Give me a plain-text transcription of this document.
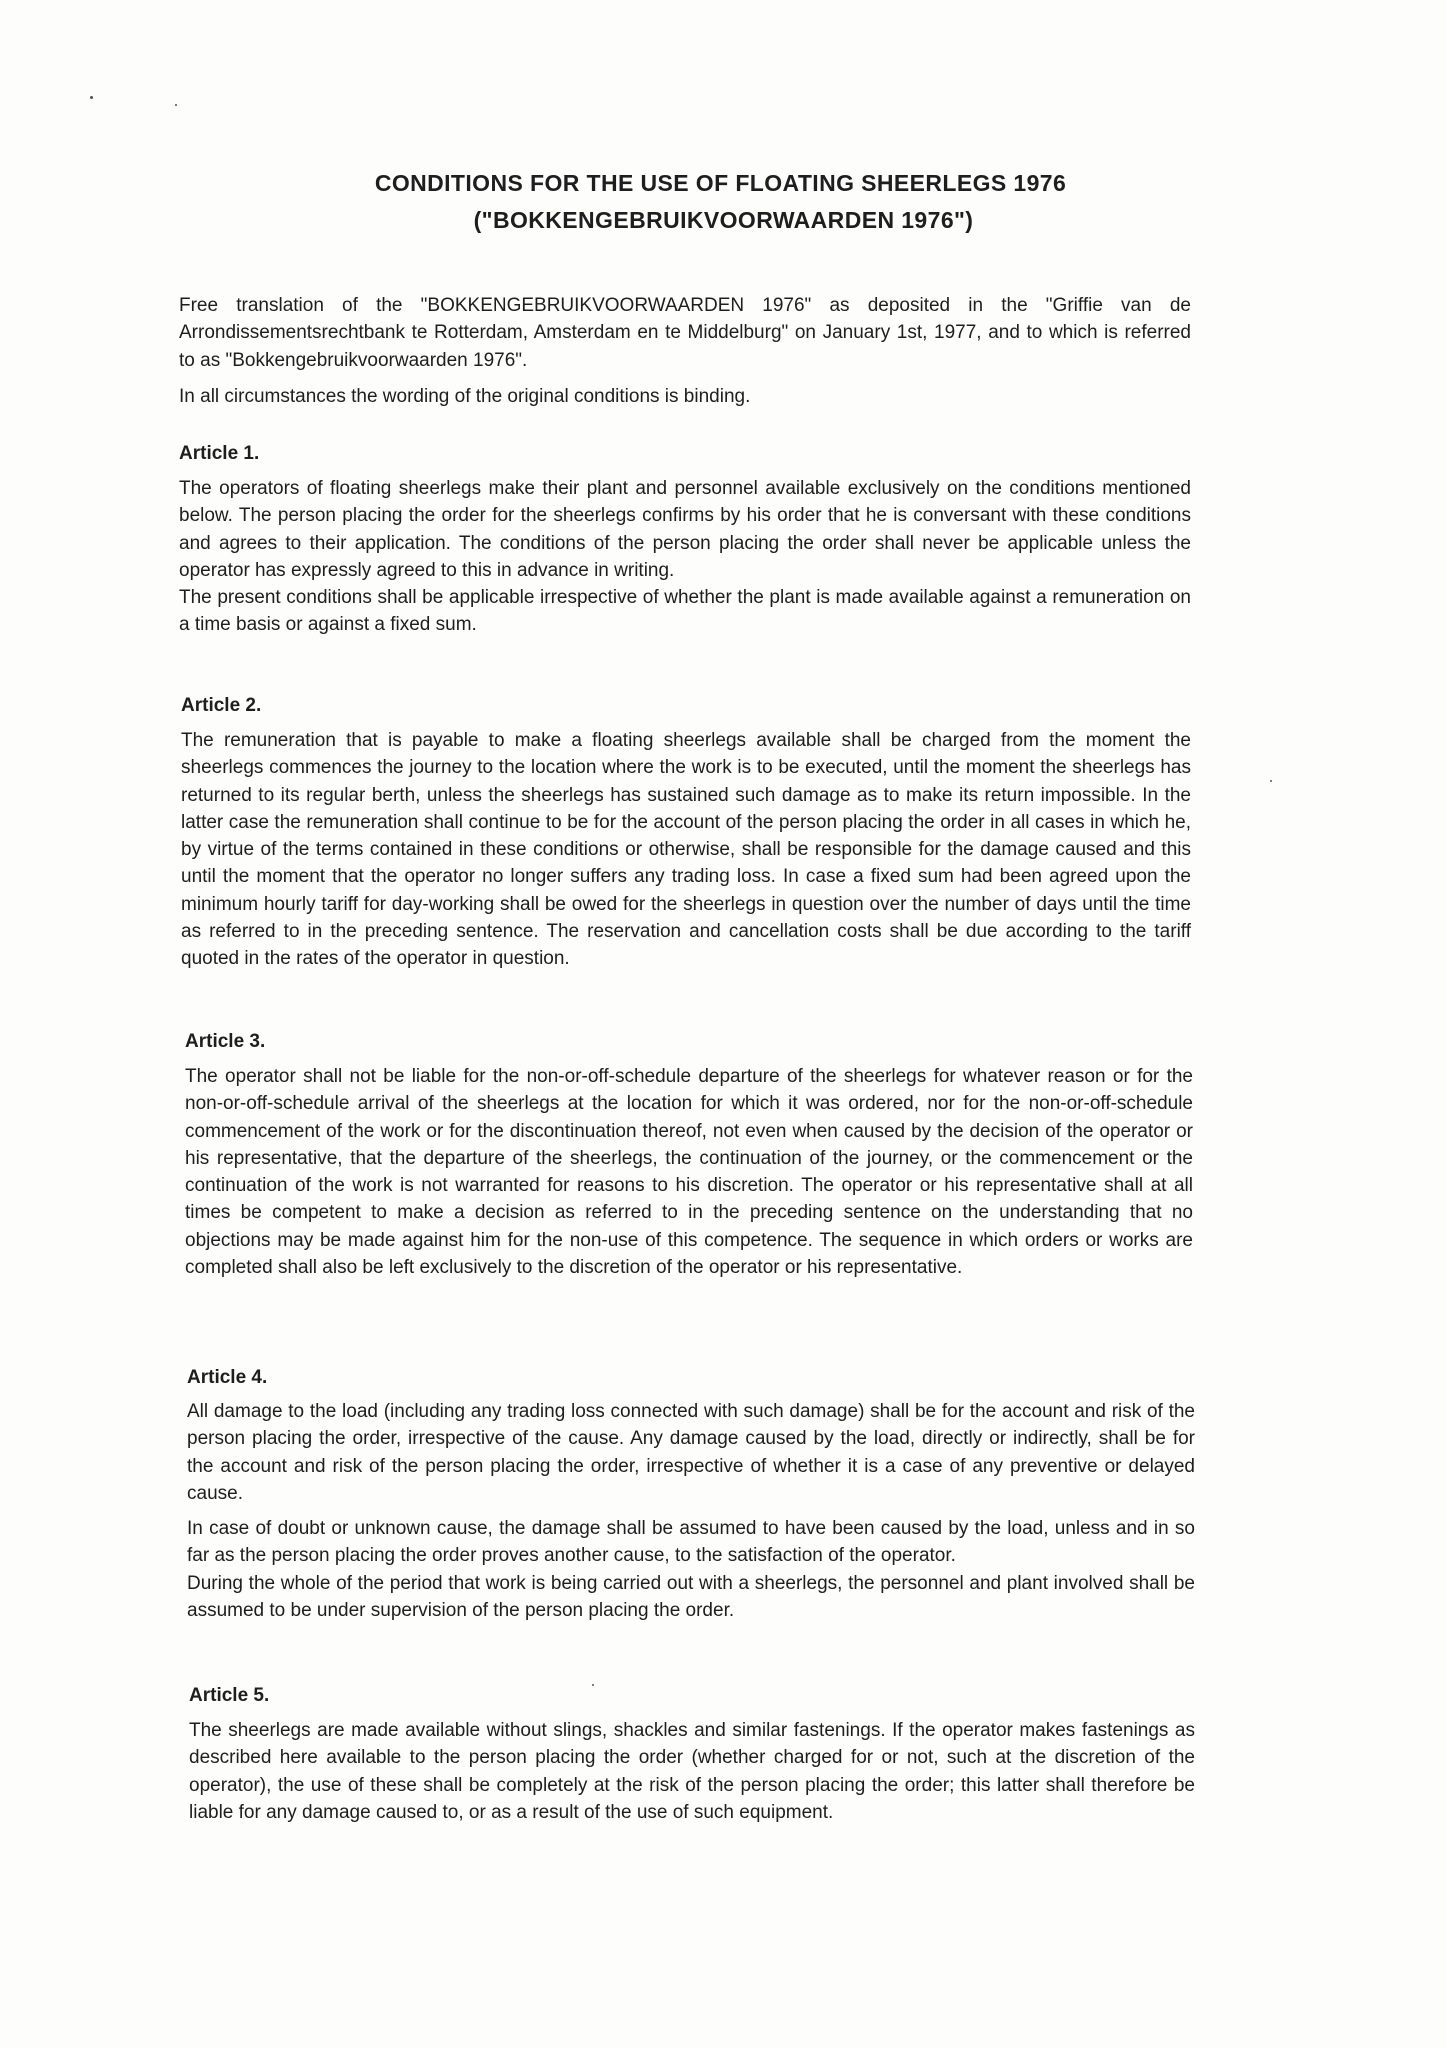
CONDITIONS FOR THE USE OF FLOATING SHEERLEGS 1976
("BOKKENGEBRUIKVOORWAARDEN 1976")

Free translation of the "BOKKENGEBRUIKVOORWAARDEN 1976" as deposited in the "Griffie van de Arrondissementsrechtbank te Rotterdam, Amsterdam en te Middelburg" on January 1st, 1977, and to which is referred to as "Bokkengebruikvoorwaarden 1976".

In all circumstances the wording of the original conditions is binding.

Article 1.

The operators of floating sheerlegs make their plant and personnel available exclusively on the conditions mentioned below. The person placing the order for the sheerlegs confirms by his order that he is conversant with these conditions and agrees to their application. The conditions of the person placing the order shall never be applicable unless the operator has expressly agreed to this in advance in writing.

The present conditions shall be applicable irrespective of whether the plant is made available against a remuneration on a time basis or against a fixed sum.

Article 2.

The remuneration that is payable to make a floating sheerlegs available shall be charged from the moment the sheerlegs commences the journey to the location where the work is to be executed, until the moment the sheerlegs has returned to its regular berth, unless the sheerlegs has sustained such damage as to make its return impossible. In the latter case the remuneration shall continue to be for the account of the person placing the order in all cases in which he, by virtue of the terms contained in these conditions or otherwise, shall be responsible for the damage caused and this until the moment that the operator no longer suffers any trading loss. In case a fixed sum had been agreed upon the minimum hourly tariff for day-working shall be owed for the sheerlegs in question over the number of days until the time as referred to in the preceding sentence. The reservation and cancellation costs shall be due according to the tariff quoted in the rates of the operator in question.

Article 3.

The operator shall not be liable for the non-or-off-schedule departure of the sheerlegs for whatever reason or for the non-or-off-schedule arrival of the sheerlegs at the location for which it was ordered, nor for the non-or-off-schedule commencement of the work or for the discontinuation thereof, not even when caused by the decision of the operator or his representative, that the departure of the sheerlegs, the continuation of the journey, or the commencement or the continuation of the work is not warranted for reasons to his discretion. The operator or his representative shall at all times be competent to make a decision as referred to in the preceding sentence on the understanding that no objections may be made against him for the non-use of this competence. The sequence in which orders or works are completed shall also be left exclusively to the discretion of the operator or his representative.

Article 4.

All damage to the load (including any trading loss connected with such damage) shall be for the account and risk of the person placing the order, irrespective of the cause. Any damage caused by the load, directly or indirectly, shall be for the account and risk of the person placing the order, irrespective of whether it is a case of any preventive or delayed cause.

In case of doubt or unknown cause, the damage shall be assumed to have been caused by the load, unless and in so far as the person placing the order proves another cause, to the satisfaction of the operator.

During the whole of the period that work is being carried out with a sheerlegs, the personnel and plant involved shall be assumed to be under supervision of the person placing the order.

Article 5.

The sheerlegs are made available without slings, shackles and similar fastenings. If the operator makes fastenings as described here available to the person placing the order (whether charged for or not, such at the discretion of the operator), the use of these shall be completely at the risk of the person placing the order; this latter shall therefore be liable for any damage caused to, or as a result of the use of such equipment.
